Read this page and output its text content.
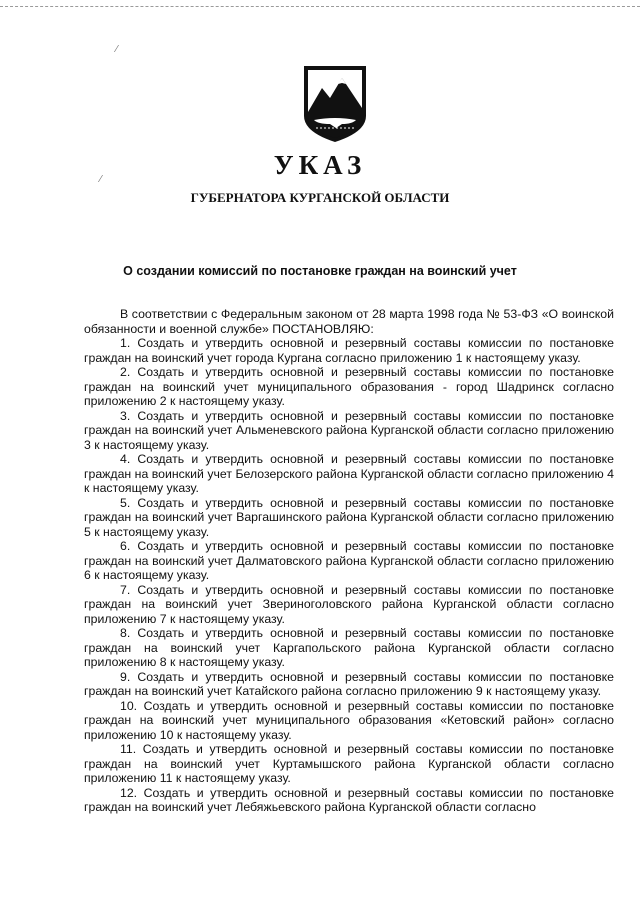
⁄
⁄	УКАЗ
ГУБЕРНАТОРА КУРГАНСКОЙ ОБЛАСТИ
О создании комиссий по постановке граждан на воинский учет

В соответствии с Федеральным законом от 28 марта 1998 года № 53-ФЗ «О воинской обязанности и военной службе» ПОСТАНОВЛЯЮ:

1. Создать и утвердить основной и резервный составы комиссии по постановке граждан на воинский учет города Кургана согласно приложению 1 к настоящему указу.

2. Создать и утвердить основной и резервный составы комиссии по постановке граждан на воинский учет муниципального образования - город Шадринск согласно приложению 2 к настоящему указу.

3. Создать и утвердить основной и резервный составы комиссии по постановке граждан на воинский учет Альменевского района Курганской области согласно приложению 3 к настоящему указу.

4. Создать и утвердить основной и резервный составы комиссии по постановке граждан на воинский учет Белозерского района Курганской области согласно приложению 4 к настоящему указу.

5. Создать и утвердить основной и резервный составы комиссии по постановке граждан на воинский учет Варгашинского района Курганской области согласно приложению 5 к настоящему указу.

6. Создать и утвердить основной и резервный составы комиссии по постановке граждан на воинский учет Далматовского района Курганской области согласно приложению 6 к настоящему указу.

7. Создать и утвердить основной и резервный составы комиссии по постановке граждан на воинский учет Звериноголовского района Курганской области согласно приложению 7 к настоящему указу.

8. Создать и утвердить основной и резервный составы комиссии по постановке граждан на воинский учет Каргапольского района Курганской области согласно приложению 8 к настоящему указу.

9. Создать и утвердить основной и резервный составы комиссии по постановке граждан на воинский учет Катайского района согласно приложению 9 к настоящему указу.

10. Создать и утвердить основной и резервный составы комиссии по постановке граждан на воинский учет муниципального образования «Кетовский район» согласно приложению 10 к настоящему указу.

11. Создать и утвердить основной и резервный составы комиссии по постановке граждан на воинский учет Куртамышского района Курганской области согласно приложению 11 к настоящему указу.

12. Создать и утвердить основной и резервный составы комиссии по постановке граждан на воинский учет Лебяжьевского района Курганской области согласно
